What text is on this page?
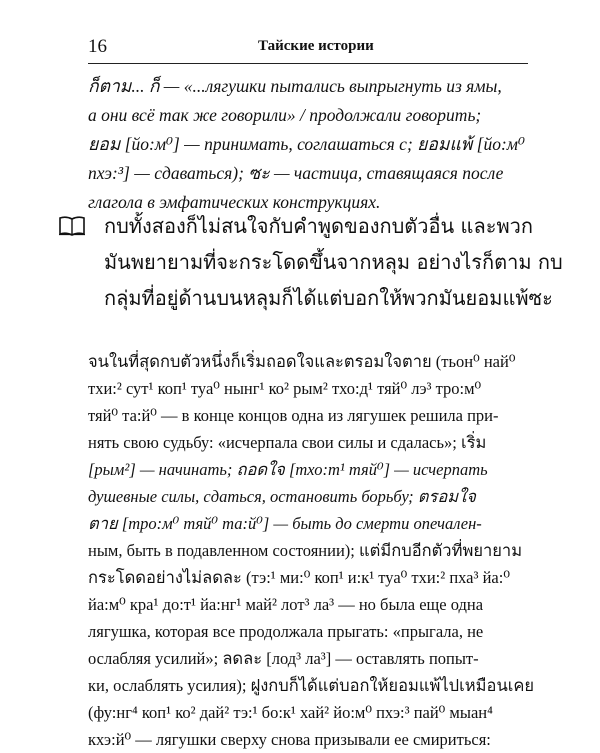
16	Тайские истории
ก็ตาม... ก็ — «...лягушки пытались выпрыгнуть из ямы,
а они всё так же говорили» / продолжали говорить;
ยอม [йо:м⁰] — принимать, соглашаться с; ยอมแพ้ [йо:м⁰
пхэ:³] — сдаваться); ซะ — частица, ставящаяся после
глагола в эмфатических конструкциях.
กบทั้งสองก็ไม่สนใจกับคำพูดของกบตัวอื่น และพวก
มันพยายามที่จะกระโดดขึ้นจากหลุม อย่างไรก็ตาม กบ
กลุ่มที่อยู่ด้านบนหลุมก็ได้แต่บอกให้พวกมันยอมแพ้ซะ
จนในที่สุดกบตัวหนึ่งก็เริ่มถอดใจและตรอมใจตาย (тьон⁰ най⁰
тхи:² сут¹ коп¹ туа⁰ нынг¹ ко² рым² тхо:д¹ тяй⁰ лэ³ тро:м⁰
тяй⁰ та:й⁰ — в конце концов одна из лягушек решила при-
нять свою судьбу: «исчерпала свои силы и сдалась»; เริ่ม
[рым²] — начинать; ถอดใจ [тхо:т¹ тяй⁰] — исчерпать
душевные силы, сдаться, остановить борьбу; ตรอมใจ
ตาย [тро:м⁰ тяй⁰ та:й⁰] — быть до смерти опечален-
ным, быть в подавленном состоянии); แต่มีกบอีกตัวที่พยายาม
กระโดดอย่างไม่ลดละ (тэ:¹ ми:⁰ коп¹ и:к¹ туа⁰ тхи:² пха³ йа:⁰
йа:м⁰ кра¹ до:т¹ йа:нг¹ май² лот³ ла³ — но была еще одна
лягушка, которая все продолжала прыгать: «прыгала, не
ослабляя усилий»; ลดละ [лод³ ла³] — оставлять попыт-
ки, ослаблять усилия); ฝูงกบก็ได้แต่บอกให้ยอมแพ้ไปเหมือนเคย
(фу:нг⁴ коп¹ ко² дай² тэ:¹ бо:к¹ хай² йо:м⁰ пхэ:³ пай⁰ мыан⁴
кхэ:й⁰ — лягушки сверху снова призывали ее смириться:
